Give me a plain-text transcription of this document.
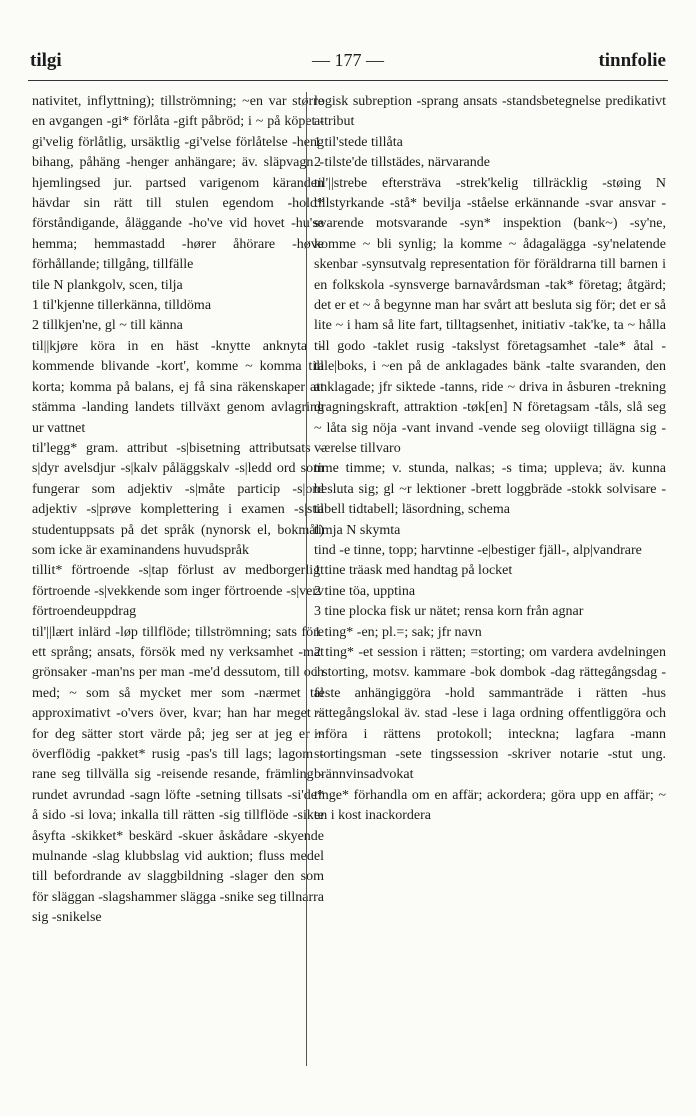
tilgi	— 177 —	tinnfolie

nativitet, inflyttning); tillströmning; ~en var større en avgangen -gi* förlåta -gift påbröd; i ~ på köpet -gi'velig förlåtlig, ursäktlig -gi'velse förlåtelse -heng bihang, påhäng -henger anhängare; äv. släpvagn -hjemlingsed jur. partsed varigenom käranden hävdar sin rätt till stulen egendom -hold* förståndigande, åläggande -ho've vid hovet -hu'se hemma; hemmastadd -hører åhörare -høve förhållande; tillgång, tillfälle

tile N plankgolv, scen, tilja

1 til'kjenne tillerkänna, tilldöma

2 tillkjen'ne, gl ~ till känna

til||kjøre köra in en häst -knytte anknyta -kommende blivande -kort', komme ~ komma till korta; komma på balans, ej få sina räkenskaper att stämma -landing landets tillväxt genom avlagring ur vattnet

til'legg* gram. attribut -s|bisetning attributsats -s|dyr avelsdjur -s|kalv påläggskalv -s|ledd ord som fungerar som adjektiv -s|måte particip -s|ord adjektiv -s|prøve komplettering i examen -s|stil studentuppsats på det språk (nynorsk el, bokmål) som icke är examinandens huvudspråk

tillit* förtroende -s|tap förlust av medborgerligt förtroende -s|vekkende som inger förtroende -s|verv förtroendeuppdrag

til'||lært inlärd -løp tillflöde; tillströmning; sats före ett språng; ansats, försök med ny verksamhet -mat grönsaker -man'ns per man -me'd dessutom, till och med; ~ som så mycket mer som -nærmet tal approximativt -o'vers över, kvar; han har meget ~ for deg sätter stort värde på; jeg ser at jeg er ~ överflödig -pakket* rusig -pas's till lags; lagom -rane seg tillvälla sig -reisende resande, främling -rundet avrundad -sagn löfte -setning tillsats -si'de* å sido -si lova; inkalla till rätten -sig tillflöde -sikte åsyfta -skikket* beskärd -skuer åskådare -skyende mulnande -slag klubbslag vid auktion; fluss medel till befordrande av slaggbildning -slager den som för släggan -slagshammer slägga -snike seg tillnarra sig -snikelse

logisk subreption -sprang ansats -standsbetegnelse predikativt attribut

1 til'stede tillåta

2 tilste'de tillstädes, närvarande

til'||strebe eftersträva -strek'kelig tillräcklig -støing N tillstyrkande -stå* bevilja -ståelse erkännande -svar ansvar -svarende motsvarande -syn* inspektion (bank~) -sy'ne, komme ~ bli synlig; la komme ~ ådagalägga -sy'nelatende skenbar -synsutvalg representation för föräldrarna till barnen i en folkskola -synsverge barnavårdsman -tak* företag; åtgärd; det er et ~ å begynne man har svårt att besluta sig för; det er så lite ~ i ham så lite fart, tilltagsenhet, initiativ -tak'ke, ta ~ hålla till godo -taklet rusig -takslyst företagsamhet -tale* åtal -tale|boks, i ~en på de anklagades bänk -talte svaranden, den anklagade; jfr siktede -tanns, ride ~ driva in åsburen -trekning dragningskraft, attraktion -tøk[en] N företagsam -tåls, slå seg ~ låta sig nöja -vant invand -vende seg oloviigt tillägna sig -værelse tillvaro

time timme; v. stunda, nalkas; -s tima; uppleva; äv. kunna besluta sig; gl ~r lektioner -brett loggbräde -stokk solvisare -tabell tidtabell; läsordning, schema

timja N skymta

tind -e tinne, topp; harvtinne -e|bestiger fjäll-, alp|vandrare

1 tine träask med handtag på locket

2 tine töa, upptina

3 tine plocka fisk ur nätet; rensa korn från agnar

1 ting* -en; pl.=; sak; jfr navn

2 ting* -et session i rätten; =storting; om vardera avdelningen i storting, motsv. kammare -bok dombok -dag rättegångsdag -feste anhängiggöra -hold sammanträde i rätten -hus rättegångslokal äv. stad -lese i laga ordning offentliggöra och införa i rättens protokoll; inteckna; lagfara -mann stortingsman -sete tingssession -skriver notarie -stut ung. brännvinsadvokat

tinge* förhandla om en affär; ackordera; göra upp en affär; ~ en i kost inackordera
